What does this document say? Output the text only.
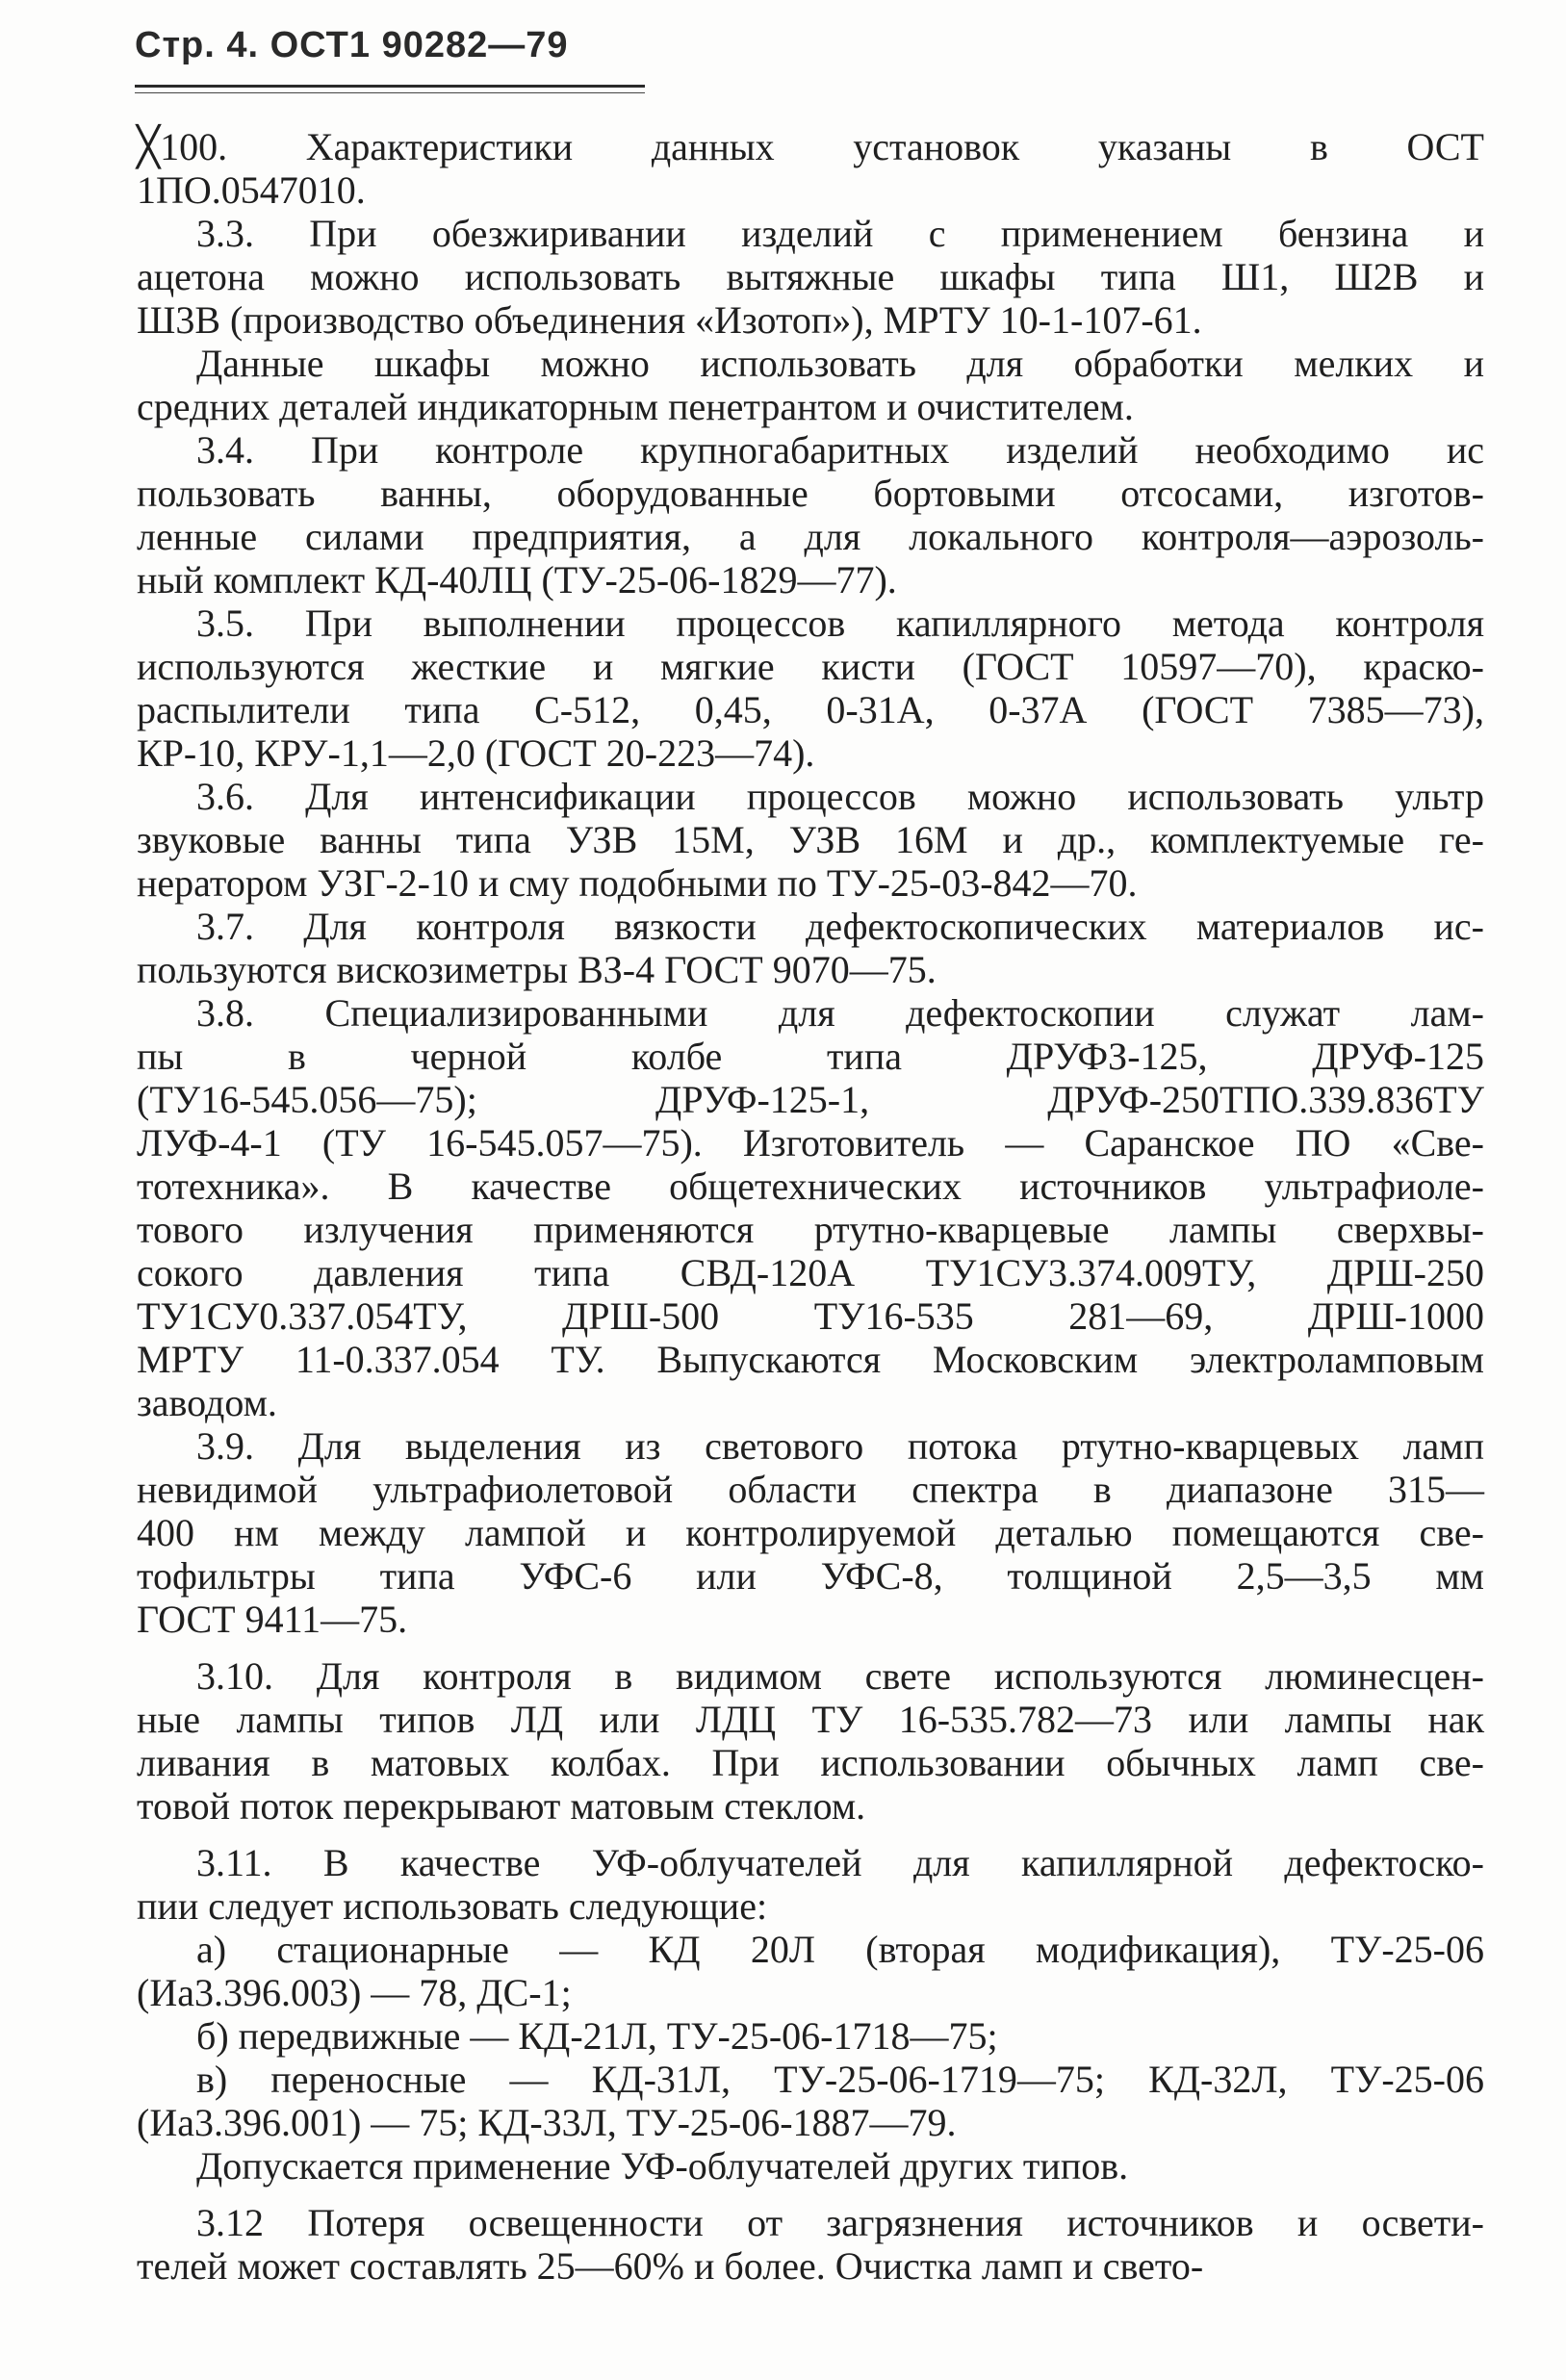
Стр. 4. ОСТ1 90282—79
╳100. Характеристики данных установок указаны в ОСТ
1ПО.0547010.
3.3. При обезжиривании изделий с применением бензина и
ацетона можно использовать вытяжные шкафы типа Ш1, Ш2В и
Ш3В (производство объединения «Изотоп»), МРТУ 10-1-107-61.
Данные шкафы можно использовать для обработки мелких и
средних деталей индикаторным пенетрантом и очистителем.
3.4. При контроле крупногабаритных изделий необходимо ис
пользовать ванны, оборудованные бортовыми отсосами, изготов-
ленные силами предприятия, а для локального контроля—аэрозоль-
ный комплект КД-40ЛЦ (ТУ-25-06-1829—77).
3.5. При выполнении процессов капиллярного метода контроля
используются жесткие и мягкие кисти (ГОСТ 10597—70), краско-
распылители типа С-512, 0,45, 0-31А, 0-37А (ГОСТ 7385—73),
КР-10, КРУ-1,1—2,0 (ГОСТ 20-223—74).
3.6. Для интенсификации процессов можно использовать ультр
звуковые ванны типа УЗВ 15М, УЗВ 16М и др., комплектуемые ге-
нератором УЗГ-2-10 и сму подобными по ТУ-25-03-842—70.
3.7. Для контроля вязкости дефектоскопических материалов ис-
пользуются вискозиметры ВЗ-4 ГОСТ 9070—75.
3.8. Специализированными для дефектоскопии служат лам-
пы в черной колбе типа ДРУФЗ-125, ДРУФ-125
(ТУ16-545.056—75); ДРУФ-125-1, ДРУФ-250ТПО.339.836ТУ
ЛУФ-4-1 (ТУ 16-545.057—75). Изготовитель — Саранское ПО «Све-
тотехника». В качестве общетехнических источников ультрафиоле-
тового излучения применяются ртутно-кварцевые лампы сверхвы-
сокого давления типа СВД-120А ТУ1СУ3.374.009ТУ, ДРШ-250
ТУ1СУ0.337.054ТУ, ДРШ-500 ТУ16-535 281—69, ДРШ-1000
МРТУ 11-0.337.054 ТУ. Выпускаются Московским электроламповым
заводом.
3.9. Для выделения из светового потока ртутно-кварцевых ламп
невидимой ультрафиолетовой области спектра в диапазоне 315—
400 нм между лампой и контролируемой деталью помещаются све-
тофильтры типа УФС-6 или УФС-8, толщиной 2,5—3,5 мм
ГОСТ 9411—75.
3.10. Для контроля в видимом свете используются люминесцен-
ные лампы типов ЛД или ЛДЦ ТУ 16-535.782—73 или лампы нак
ливания в матовых колбах. При использовании обычных ламп све-
товой поток перекрывают матовым стеклом.
3.11. В качестве УФ-облучателей для капиллярной дефектоско-
пии следует использовать следующие:
а) стационарные — КД 20Л (вторая модификация), ТУ-25-06
(Иа3.396.003) — 78, ДС-1;
б) передвижные — КД-21Л, ТУ-25-06-1718—75;
в) переносные — КД-31Л, ТУ-25-06-1719—75; КД-32Л, ТУ-25-06
(Иа3.396.001) — 75; КД-33Л, ТУ-25-06-1887—79.
Допускается применение УФ-облучателей других типов.
3.12 Потеря освещенности от загрязнения источников и освети-
телей может составлять 25—60% и более. Очистка ламп и свето-
